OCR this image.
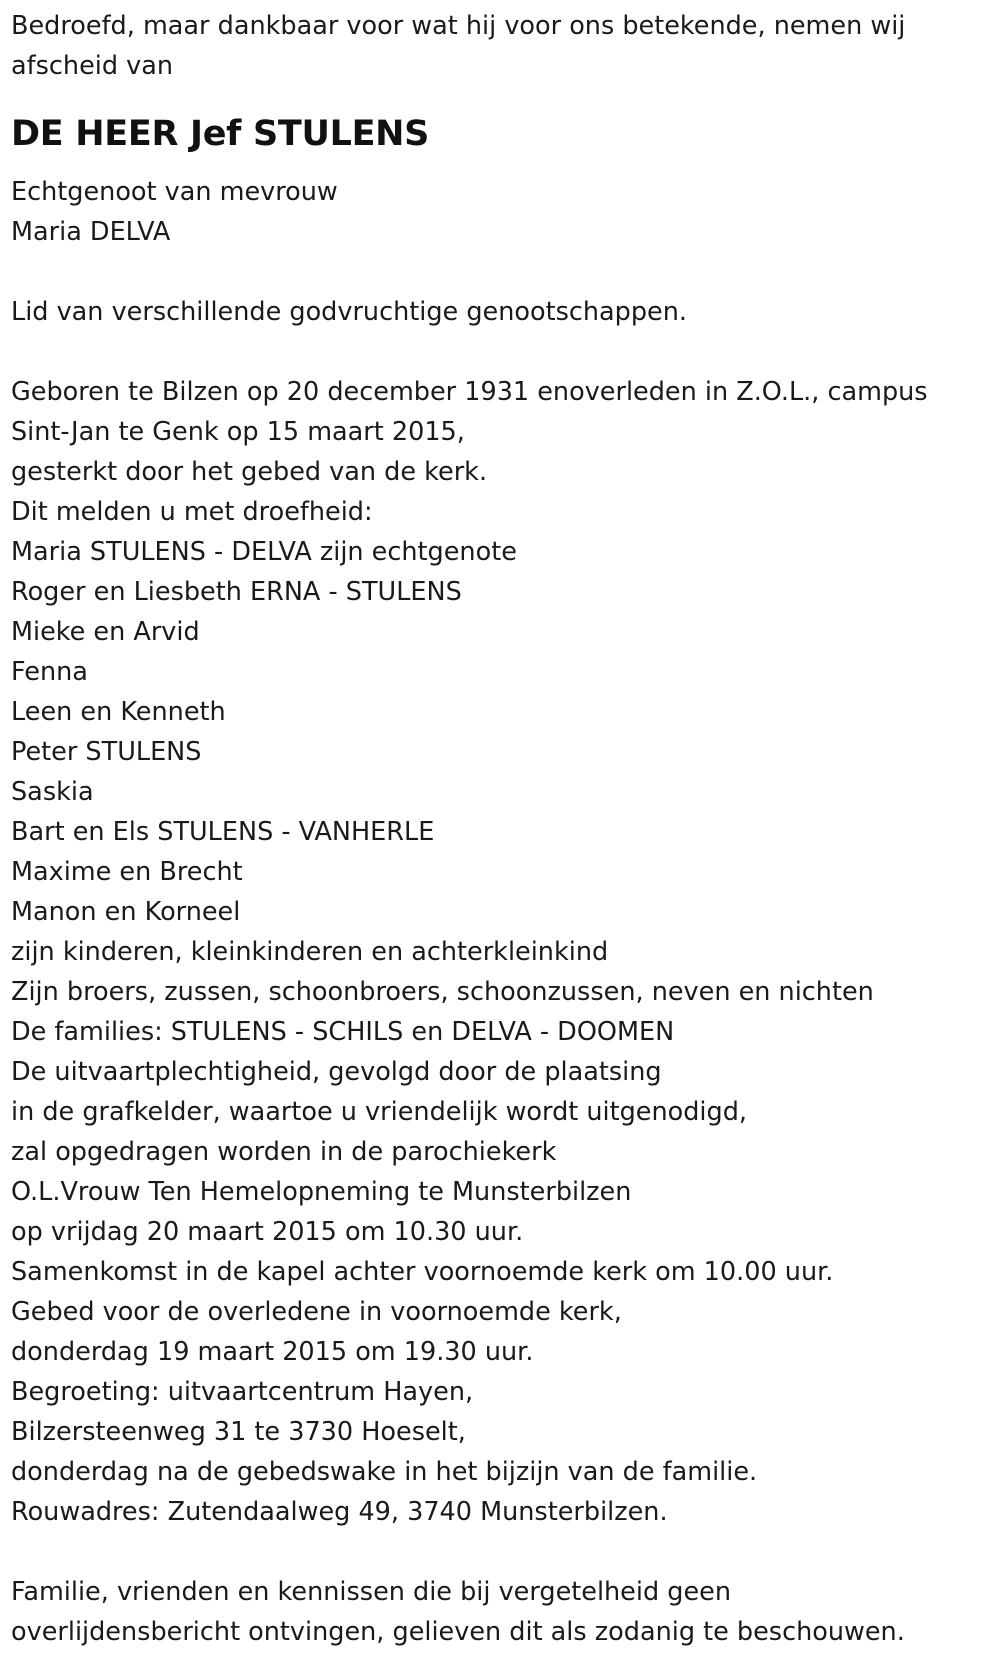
Bedroefd, maar dankbaar voor wat hij voor ons betekende, nemen wij
afscheid van
DE HEER Jef STULENS
Echtgenoot van mevrouw
Maria DELVA
Lid van verschillende godvruchtige genootschappen.
Geboren te Bilzen op 20 december 1931 enoverleden in Z.O.L., campus
Sint-Jan te Genk op 15 maart 2015,
gesterkt door het gebed van de kerk.
Dit melden u met droefheid:
Maria STULENS - DELVA zijn echtgenote
Roger en Liesbeth ERNA - STULENS
Mieke en Arvid
Fenna
Leen en Kenneth
Peter STULENS
Saskia
Bart en Els STULENS - VANHERLE
Maxime en Brecht
Manon en Korneel
zijn kinderen, kleinkinderen en achterkleinkind
Zijn broers, zussen, schoonbroers, schoonzussen, neven en nichten
De families: STULENS - SCHILS en DELVA - DOOMEN
De uitvaartplechtigheid, gevolgd door de plaatsing
in de grafkelder, waartoe u vriendelijk wordt uitgenodigd,
zal opgedragen worden in de parochiekerk
O.L.Vrouw Ten Hemelopneming te Munsterbilzen
op vrijdag 20 maart 2015 om 10.30 uur.
Samenkomst in de kapel achter voornoemde kerk om 10.00 uur.
Gebed voor de overledene in voornoemde kerk,
donderdag 19 maart 2015 om 19.30 uur.
Begroeting: uitvaartcentrum Hayen,
Bilzersteenweg 31 te 3730 Hoeselt,
donderdag na de gebedswake in het bijzijn van de familie.
Rouwadres: Zutendaalweg 49, 3740 Munsterbilzen.
Familie, vrienden en kennissen die bij vergetelheid geen
overlijdensbericht ontvingen, gelieven dit als zodanig te beschouwen.
